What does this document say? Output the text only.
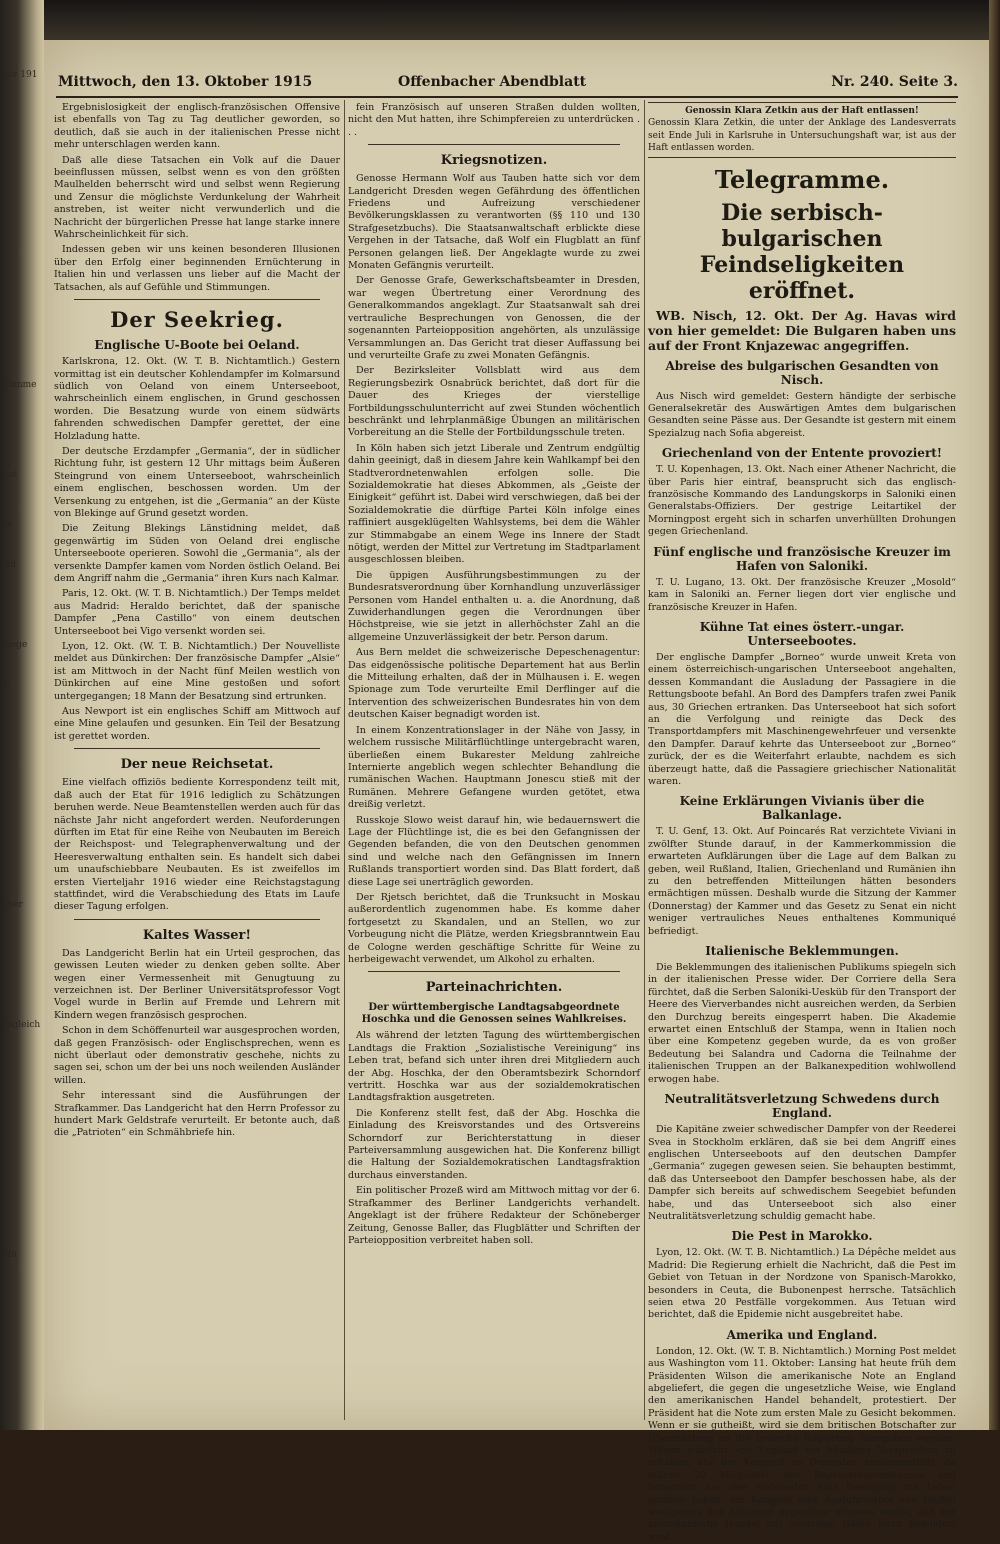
ber 191
Kamme
Lat
se
Pol
Liege
e:
ober
zugleich
Mü
Mittwoch, den 13. Oktober 1915	Offenbacher Abendblatt	Nr. 240. Seite 3.

Ergebnislosigkeit der englisch-französischen Offensive ist ebenfalls von Tag zu Tag deutlicher geworden, so deutlich, daß sie auch in der italienischen Presse nicht mehr unterschlagen werden kann.

Daß alle diese Tatsachen ein Volk auf die Dauer beeinflussen müssen, selbst wenn es von den größten Maulhelden beherrscht wird und selbst wenn Regierung und Zensur die möglichste Verdunkelung der Wahrheit anstreben, ist weiter nicht verwunderlich und die Nachricht der bürgerlichen Presse hat lange starke innere Wahrscheinlichkeit für sich.

Indessen geben wir uns keinen besonderen Illusionen über den Erfolg einer beginnenden Ernüchterung in Italien hin und verlassen uns lieber auf die Macht der Tatsachen, als auf Gefühle und Stimmungen.

Der Seekrieg.
Englische U-Boote bei Oeland.

Karlskrona, 12. Okt. (W. T. B. Nichtamtlich.) Gestern vormittag ist ein deutscher Kohlendampfer im Kolmarsund südlich von Oeland von einem Unterseeboot, wahrscheinlich einem englischen, in Grund geschossen worden. Die Besatzung wurde von einem südwärts fahrenden schwedischen Dampfer gerettet, der eine Holzladung hatte.

Der deutsche Erzdampfer „Germania“, der in südlicher Richtung fuhr, ist gestern 12 Uhr mittags beim Äußeren Steingrund von einem Unterseeboot, wahrscheinlich einem englischen, beschossen worden. Um der Versenkung zu entgehen, ist die „Germania“ an der Küste von Blekinge auf Grund gesetzt worden.

Die Zeitung Blekings Länstidning meldet, daß gegenwärtig im Süden von Oeland drei englische Unterseeboote operieren. Sowohl die „Germania“, als der versenkte Dampfer kamen vom Norden östlich Oeland. Bei dem Angriff nahm die „Germania“ ihren Kurs nach Kalmar.

Paris, 12. Okt. (W. T. B. Nichtamtlich.) Der Temps meldet aus Madrid: Heraldo berichtet, daß der spanische Dampfer „Pena Castillo“ von einem deutschen Unterseeboot bei Vigo versenkt worden sei.

Lyon, 12. Okt. (W. T. B. Nichtamtlich.) Der Nouvelliste meldet aus Dünkirchen: Der französische Dampfer „Alsie“ ist am Mittwoch in der Nacht fünf Meilen westlich von Dünkirchen auf eine Mine gestoßen und sofort untergegangen; 18 Mann der Besatzung sind ertrunken.

Aus Newport ist ein englisches Schiff am Mittwoch auf eine Mine gelaufen und gesunken. Ein Teil der Besatzung ist gerettet worden.

Der neue Reichsetat.

Eine vielfach offiziös bediente Korrespondenz teilt mit, daß auch der Etat für 1916 lediglich zu Schätzungen beruhen werde. Neue Beamtenstellen werden auch für das nächste Jahr nicht angefordert werden. Neuforderungen dürften im Etat für eine Reihe von Neubauten im Bereich der Reichspost- und Telegraphenverwaltung und der Heeresverwaltung enthalten sein. Es handelt sich dabei um unaufschiebbare Neubauten. Es ist zweifellos im ersten Vierteljahr 1916 wieder eine Reichstagstagung stattfindet, wird die Verabschiedung des Etats im Laufe dieser Tagung erfolgen.

Kaltes Wasser!

Das Landgericht Berlin hat ein Urteil gesprochen, das gewissen Leuten wieder zu denken geben sollte. Aber wegen einer Vermessenheit mit Genugtuung zu verzeichnen ist. Der Berliner Universitätsprofessor Vogt Vogel wurde in Berlin auf Fremde und Lehrern mit Kindern wegen französisch gesprochen.

Schon in dem Schöffenurteil war ausgesprochen worden, daß gegen Französisch- oder Englischsprechen, wenn es nicht überlaut oder demonstrativ geschehe, nichts zu sagen sei, schon um der bei uns noch weilenden Ausländer willen.

Sehr interessant sind die Ausführungen der Strafkammer. Das Landgericht hat den Herrn Professor zu hundert Mark Geldstrafe verurteilt. Er betonte auch, daß die „Patrioten“ ein Schmähbriefe hin.

fein Französisch auf unseren Straßen dulden wollten, nicht den Mut hatten, ihre Schimpfereien zu unterdrücken . . .

Kriegsnotizen.

Genosse Hermann Wolf aus Tauben hatte sich vor dem Landgericht Dresden wegen Gefährdung des öffentlichen Friedens und Aufreizung verschiedener Bevölkerungsklassen zu verantworten (§§ 110 und 130 Strafgesetzbuchs). Die Staatsanwaltschaft erblickte diese Vergehen in der Tatsache, daß Wolf ein Flugblatt an fünf Personen gelangen ließ. Der Angeklagte wurde zu zwei Monaten Gefängnis verurteilt.

Der Genosse Grafe, Gewerkschaftsbeamter in Dresden, war wegen Übertretung einer Verordnung des Generalkommandos angeklagt. Zur Staatsanwalt sah drei vertrauliche Besprechungen von Genossen, die der sogenannten Parteiopposition angehörten, als unzulässige Versammlungen an. Das Gericht trat dieser Auffassung bei und verurteilte Grafe zu zwei Monaten Gefängnis.

Der Bezirksleiter Vollsblatt wird aus dem Regierungsbezirk Osnabrück berichtet, daß dort für die Dauer des Krieges der vierstellige Fortbildungsschulunterricht auf zwei Stunden wöchentlich beschränkt und lehrplanmäßige Übungen an militärischen Vorbereitung an die Stelle der Fortbildungsschule treten.

In Köln haben sich jetzt Liberale und Zentrum endgültig dahin geeinigt, daß in diesem Jahre kein Wahlkampf bei den Stadtverordnetenwahlen erfolgen solle. Die Sozialdemokratie hat dieses Abkommen, als „Geiste der Einigkeit“ geführt ist. Dabei wird verschwiegen, daß bei der Sozialdemokratie die dürftige Partei Köln infolge eines raffiniert ausgeklügelten Wahlsystems, bei dem die Wähler zur Stimmabgabe an einem Wege ins Innere der Stadt nötigt, werden der Mittel zur Vertretung im Stadtparlament ausgeschlossen bleiben.

Die üppigen Ausführungsbestimmungen zu der Bundesratsverordnung über Kornhandlung unzuverlässiger Personen vom Handel enthalten u. a. die Anordnung, daß Zuwiderhandlungen gegen die Verordnungen über Höchstpreise, wie sie jetzt in allerhöchster Zahl an die allgemeine Unzuverlässigkeit der betr. Person darum.

Aus Bern meldet die schweizerische Depeschenagentur: Das eidgenössische politische Departement hat aus Berlin die Mitteilung erhalten, daß der in Mülhausen i. E. wegen Spionage zum Tode verurteilte Emil Derflinger auf die Intervention des schweizerischen Bundesrates hin von dem deutschen Kaiser begnadigt worden ist.

In einem Konzentrationslager in der Nähe von Jassy, in welchem russische Militärflüchtlinge untergebracht waren, überließen einem Bukarester Meldung zahlreiche Internierte angeblich wegen schlechter Behandlung die rumänischen Wachen. Hauptmann Jonescu stieß mit der Rumänen. Mehrere Gefangene wurden getötet, etwa dreißig verletzt.

Russkoje Slowo weist darauf hin, wie bedauernswert die Lage der Flüchtlinge ist, die es bei den Gefangnissen der Gegenden befanden, die von den Deutschen genommen sind und welche nach den Gefängnissen im Innern Rußlands transportiert worden sind. Das Blatt fordert, daß diese Lage sei unerträglich geworden.

Der Rjetsch berichtet, daß die Trunksucht in Moskau außerordentlich zugenommen habe. Es komme daher fortgesetzt zu Skandalen, und an Stellen, wo zur Vorbeugung nicht die Plätze, werden Kriegsbranntwein Eau de Cologne werden geschäftige Schritte für Weine zu herbeigewacht verwendet, um Alkohol zu erhalten.

Parteinachrichten.
Der württembergische Landtagsabgeordnete Hoschka und die Genossen seines Wahlkreises.

Als während der letzten Tagung des württembergischen Landtags die Fraktion „Sozialistische Vereinigung“ ins Leben trat, befand sich unter ihren drei Mitgliedern auch der Abg. Hoschka, der den Oberamtsbezirk Schorndorf vertritt. Hoschka war aus der sozialdemokratischen Landtagsfraktion ausgetreten.

Die Konferenz stellt fest, daß der Abg. Hoschka die Einladung des Kreisvorstandes und des Ortsvereins Schorndorf zur Berichterstattung in dieser Parteiversammlung ausgewichen hat. Die Konferenz billigt die Haltung der Sozialdemokratischen Landtagsfraktion durchaus einverstanden.

Ein politischer Prozeß wird am Mittwoch mittag vor der 6. Strafkammer des Berliner Landgerichts verhandelt. Angeklagt ist der frühere Redakteur der Schöneberger Zeitung, Genosse Baller, das Flugblätter und Schriften der Parteiopposition verbreitet haben soll.

Genossin Klara Zetkin aus der Haft entlassen!
Genossin Klara Zetkin, die unter der Anklage des Landesverrats seit Ende Juli in Karlsruhe in Untersuchungshaft war, ist aus der Haft entlassen worden.
Telegramme.
Die serbisch-bulgarischen Feindseligkeiten eröffnet.

WB. Nisch, 12. Okt. Der Ag. Havas wird von hier gemeldet: Die Bulgaren haben uns auf der Front Knjazewac angegriffen.

Abreise des bulgarischen Gesandten von Nisch.

Aus Nisch wird gemeldet: Gestern händigte der serbische Generalsekretär des Auswärtigen Amtes dem bulgarischen Gesandten seine Pässe aus. Der Gesandte ist gestern mit einem Spezialzug nach Sofia abgereist.

Griechenland von der Entente provoziert!

T. U. Kopenhagen, 13. Okt. Nach einer Athener Nachricht, die über Paris hier eintraf, beansprucht sich das englisch-französische Kommando des Landungskorps in Saloniki einen Generalstabs-Offiziers. Der gestrige Leitartikel der Morningpost ergeht sich in scharfen unverhüllten Drohungen gegen Griechenland.

Fünf englische und französische Kreuzer im Hafen von Saloniki.

T. U. Lugano, 13. Okt. Der französische Kreuzer „Mosold“ kam in Saloniki an. Ferner liegen dort vier englische und französische Kreuzer in Hafen.

Kühne Tat eines österr.-ungar. Unterseebootes.

Der englische Dampfer „Borneo“ wurde unweit Kreta von einem österreichisch-ungarischen Unterseeboot angehalten, dessen Kommandant die Ausladung der Passagiere in die Rettungsboote befahl. An Bord des Dampfers trafen zwei Panik aus, 30 Griechen ertranken. Das Unterseeboot hat sich sofort an die Verfolgung und reinigte das Deck des Transportdampfers mit Maschinengewehrfeuer und versenkte den Dampfer. Darauf kehrte das Unterseeboot zur „Borneo“ zurück, der es die Weiterfahrt erlaubte, nachdem es sich überzeugt hatte, daß die Passagiere griechischer Nationalität waren.

Keine Erklärungen Vivianis über die Balkanlage.

T. U. Genf, 13. Okt. Auf Poincarés Rat verzichtete Viviani in zwölfter Stunde darauf, in der Kammerkommission die erwarteten Aufklärungen über die Lage auf dem Balkan zu geben, weil Rußland, Italien, Griechenland und Rumänien ihn zu den betreffenden Mitteilungen hätten besonders ermächtigen müssen. Deshalb wurde die Sitzung der Kammer (Donnerstag) der Kammer und das Gesetz zu Senat ein nicht weniger vertrauliches Neues enthaltenes Kommuniqué befriedigt.

Italienische Beklemmungen.

Die Beklemmungen des italienischen Publikums spiegeln sich in der italienischen Presse wider. Der Corriere della Sera fürchtet, daß die Serben Saloniki-Uesküb für den Transport der Heere des Vierverbandes nicht ausreichen werden, da Serbien den Durchzug bereits eingesperrt haben. Die Akademie erwartet einen Entschluß der Stampa, wenn in Italien noch über eine Kompetenz gegeben wurde, da es von großer Bedeutung bei Salandra und Cadorna die Teilnahme der italienischen Truppen an der Balkanexpedition wohlwollend erwogen habe.

Neutralitätsverletzung Schwedens durch England.

Die Kapitäne zweier schwedischer Dampfer von der Reederei Svea in Stockholm erklären, daß sie bei dem Angriff eines englischen Unterseeboots auf den deutschen Dampfer „Germania“ zugegen gewesen seien. Sie behaupten bestimmt, daß das Unterseeboot den Dampfer beschossen habe, als der Dampfer sich bereits auf schwedischem Seegebiet befunden habe, und das Unterseeboot sich also einer Neutralitätsverletzung schuldig gemacht habe.

Die Pest in Marokko.

Lyon, 12. Okt. (W. T. B. Nichtamtlich.) La Dépêche meldet aus Madrid: Die Regierung erhielt die Nachricht, daß die Pest im Gebiet von Tetuan in der Nordzone von Spanisch-Marokko, besonders in Ceuta, die Bubonenpest herrsche. Tatsächlich seien etwa 20 Pestfälle vorgekommen. Aus Tetuan wird berichtet, daß die Epidemie nicht ausgebreitet habe.

Amerika und England.

London, 12. Okt. (W. T. B. Nichtamtlich.) Morning Post meldet aus Washington vom 11. Oktober: Lansing hat heute früh dem Präsidenten Wilson die amerikanische Note an England abgeliefert, die gegen die ungesetzliche Weise, wie England den amerikanischen Handel behandelt, protestiert. Der Präsident hat die Note zum ersten Male zu Gesicht bekommen. Wenn er sie gutheißt, wird sie dem britischen Botschafter zur Übermittlung an die britische Regierung übergeben werden. Wilson wünscht von England ein bündiges Versprechen zu erhalten, ehe der Kongreß im Dezember zusammentritt, da etliche 20 Mitglieder des Repräsentantenhauses und Senatoren aus den Südstaaten eine Bewegung ins Leben gerufen haben, um Kongreß eine Ausfuhrverbot von Waffen wenigstens den Alliierten gegenüber erlassen werde, daß der amerikanische Handel mit neutralen Häfen nicht behindert wird.
